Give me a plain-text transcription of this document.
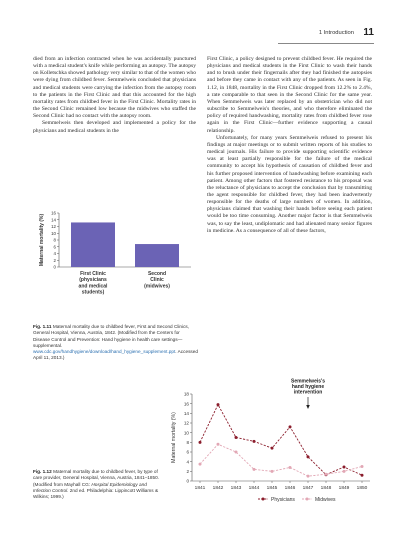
1 Introduction 11

died from an infection contracted when he was accidentally punctured with a medical student's knife while performing an autopsy. The autopsy on Kolletschka showed pathology very similar to that of the women who were dying from childbed fever. Semmelweis concluded that physicians and medical students were carrying the infection from the autopsy room to the patients in the First Clinic and that this accounted for the high mortality rates from childbed fever in the First Clinic. Mortality rates in the Second Clinic remained low because the midwives who staffed the Second Clinic had no contact with the autopsy room.

Semmelweis then developed and implemented a policy for the physicians and medical students in the

First Clinic, a policy designed to prevent childbed fever. He required the physicians and medical students in the First Clinic to wash their hands and to brush under their fingernails after they had finished the autopsies and before they came in contact with any of the patients. As seen in Fig. 1.12, in 1848, mortality in the First Clinic dropped from 12.2% to 2.4%, a rate comparable to that seen in the Second Clinic for the same year. When Semmelweis was later replaced by an obstetrician who did not subscribe to Semmelweis's theories, and who therefore eliminated the policy of required handwashing, mortality rates from childbed fever rose again in the First Clinic—further evidence supporting a causal relationship.

Unfortunately, for many years Semmelweis refused to present his findings at major meetings or to submit written reports of his studies to medical journals. His failure to provide supporting scientific evidence was at least partially responsible for the failure of the medical community to accept his hypothesis of causation of childbed fever and his further proposed intervention of handwashing before examining each patient. Among other factors that fostered resistance to his proposal was the reluctance of physicians to accept the conclusion that by transmitting the agent responsible for childbed fever, they had been inadvertently responsible for the deaths of large numbers of women. In addition, physicians claimed that washing their hands before seeing each patient would be too time consuming. Another major factor is that Semmelweis was, to say the least, undiplomatic and had alienated many senior figures in medicine. As a consequence of all of these factors,

0
2
4
6
8
10
12
14
16
Maternal mortality (%)
First Clinic
(physicians
and medical
students)
Second
Clinic
(midwives)
Fig. 1.11 Maternal mortality due to childbed fever, First and Second Clinics, General Hospital, Vienna, Austria, 1842. (Modified from the Centers for Disease Control and Prevention: Hand hygiene in health care settings—supplemental. www.cdc.gov/handhygiene/download/hand_hygiene_supplement.ppt. Accessed April 11, 2013.)
0
2
4
6
8
10
12
14
16
18
Maternal mortality (%)
1841 1842 1843 1844 1845 1846 1847 1848 1849 1850
Semmelweis's
hand hygiene
intervention
Physicians	Midwives
Fig. 1.12 Maternal mortality due to childbed fever, by type of care provider, General Hospital, Vienna, Austria, 1841–1850. (Modified from Mayhall CG: Hospital Epidemiology and Infection Control. 2nd ed. Philadelphia: Lippincott Williams & Wilkins; 1999.)
